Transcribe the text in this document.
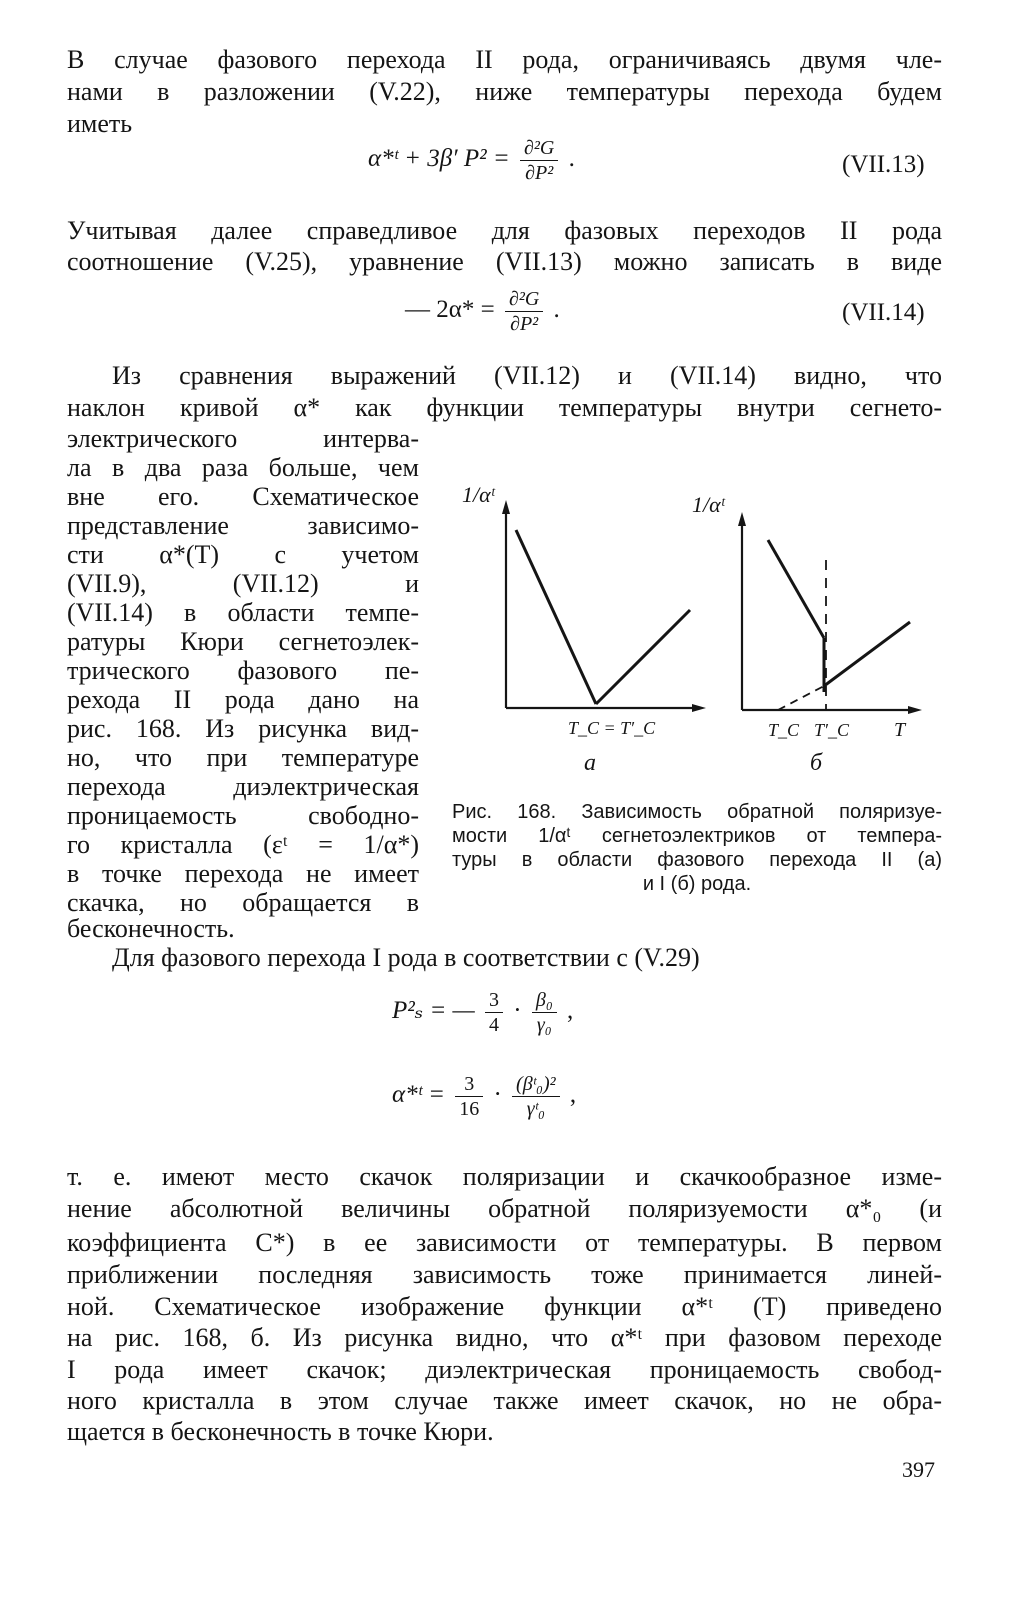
В случае фазового перехода II рода, ограничиваясь двумя чле-
нами в разложении (V.22), ниже температуры перехода будем
иметь
α*ᵗ + 3β′ $P^2 = \frac{\text{∂²G}}{\text{∂P²}}$ .	(VII.13)
Учитывая далее справедливое для фазовых переходов II рода
соотношение (V.25), уравнение (VII.13) можно записать в виде
— $2\alpha* = \frac{\text{∂²G}}{\text{∂P²}}$ .	(VII.14)
Из сравнения выражений (VII.12) и (VII.14) видно, что
наклон кривой α* как функции температуры внутри сегнето-
электрического интерва-
ла в два раза больше, чем
вне его. Схематическое
представление зависимо-
сти α*(T) с учетом
(VII.9), (VII.12) и
(VII.14) в области темпе-
ратуры Кюри сегнетоэлек-
трического фазового пе-
рехода II рода дано на
рис. 168. Из рисунка вид-
но, что при температуре
перехода диэлектрическая
проницаемость свободно-
го кристалла (εᵗ = 1/α*)
в точке перехода не имеет
скачка, но обращается в
бесконечность.
1/αᵗ
T_C = T′_C
а
1/αᵗ
T_C T′_C T
б
Рис. 168. Зависимость обратной поляризуе-
мости 1/αᵗ сегнетоэлектриков от темпера-
туры в области фазового перехода II (а)
и I (б) рода.
Для фазового перехода I рода в соответствии с (V.29)
P²ₛ = — $\frac{3}{4} \cdot \frac{\text{β₀}}{\text{γ₀}}$ ,
α*ᵗ = $\frac{3}{16} \cdot \frac{\text{(βᵗ₀)²}}{\text{γᵗ₀}}$ ,
т. е. имеют место скачок поляризации и скачкообразное изме-
нение абсолютной величины обратной поляризуемости α*₀ (и
коэффициента C*) в ее зависимости от температуры. В первом
приближении последняя зависимость тоже принимается линей-
ной. Схематическое изображение функции α*ᵗ (T) приведено
на рис. 168, б. Из рисунка видно, что α*ᵗ при фазовом переходе
I рода имеет скачок; диэлектрическая проницаемость свобод-
ного кристалла в этом случае также имеет скачок, но не обра-
щается в бесконечность в точке Кюри.
397
